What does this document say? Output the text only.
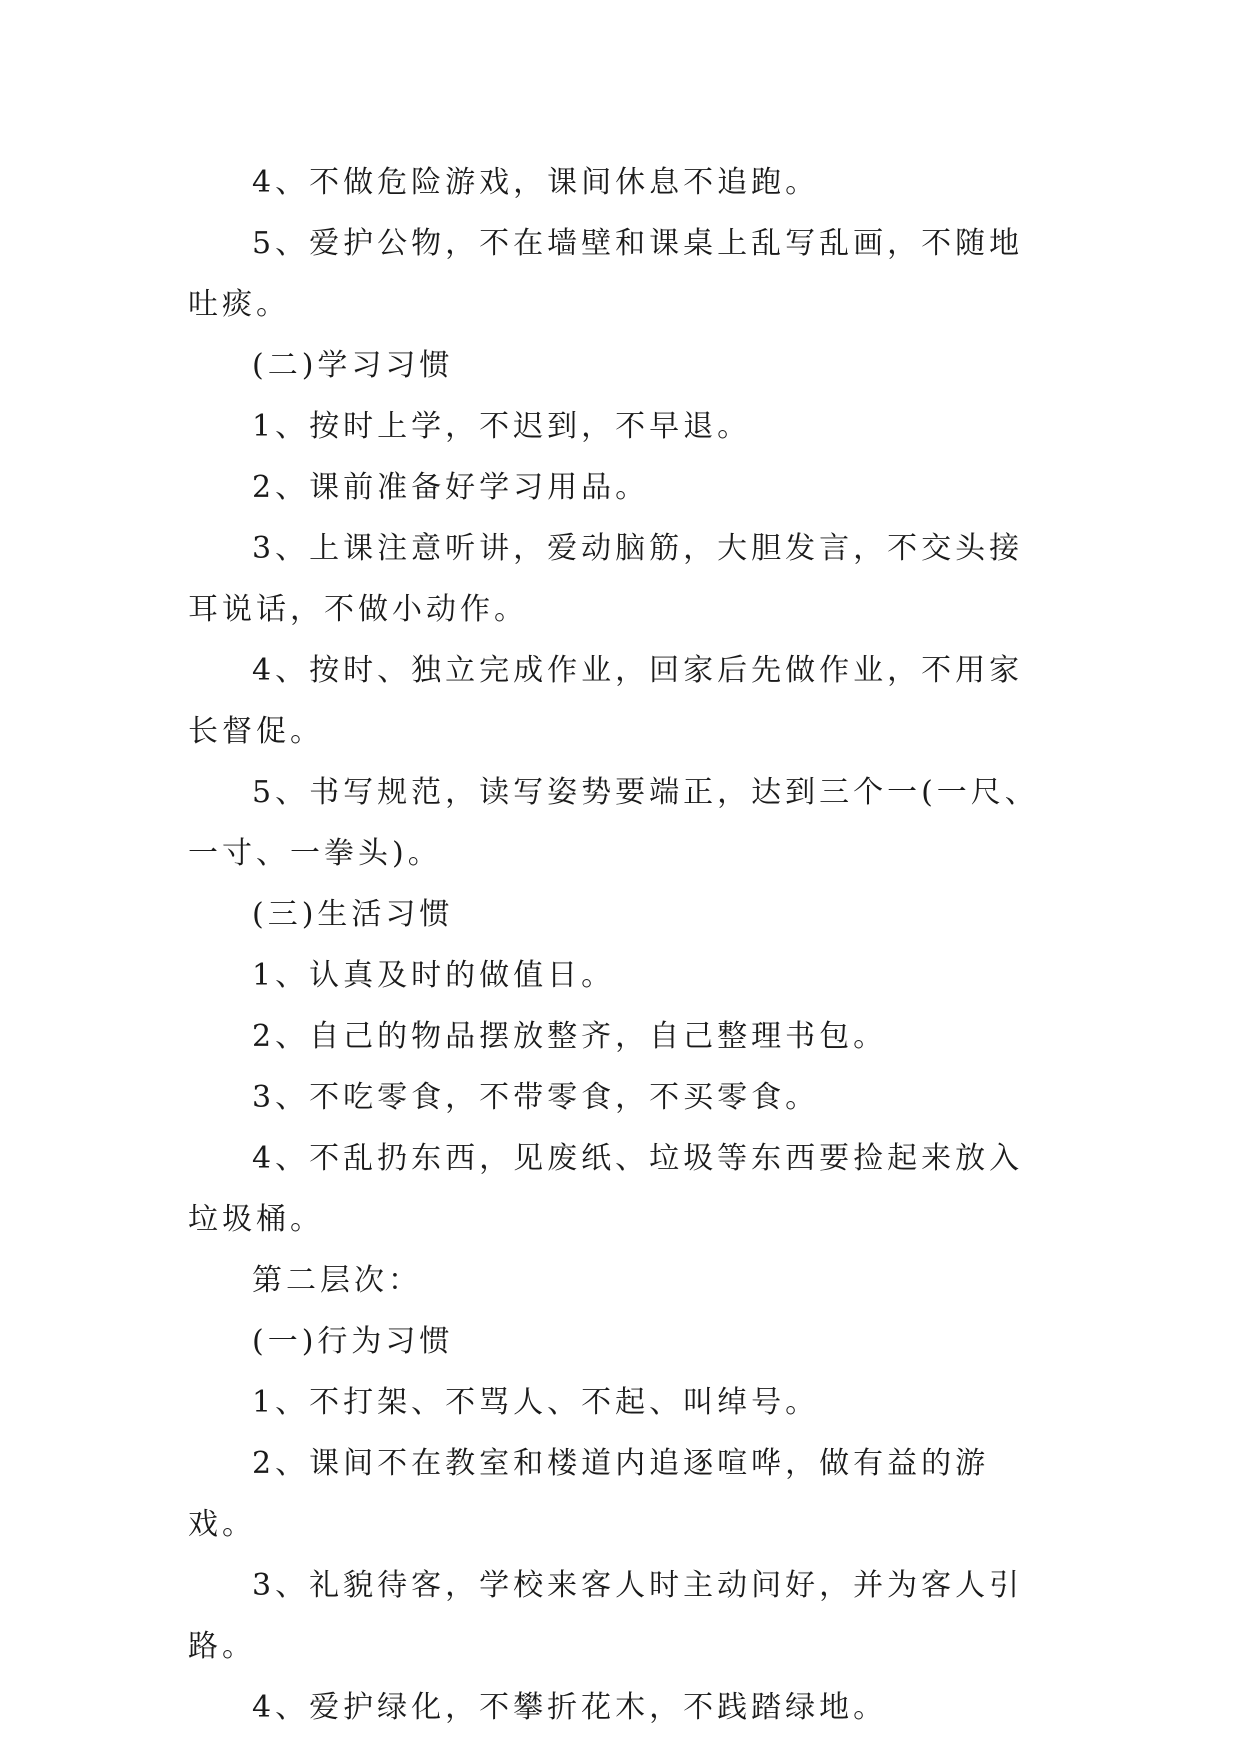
4、不做危险游戏，课间休息不追跑。

5、爱护公物，不在墙壁和课桌上乱写乱画，不随地吐痰。

(二)学习习惯

1、按时上学，不迟到，不早退。

2、课前准备好学习用品。

3、上课注意听讲，爱动脑筋，大胆发言，不交头接耳说话，不做小动作。

4、按时、独立完成作业，回家后先做作业，不用家长督促。

5、书写规范，读写姿势要端正，达到三个一(一尺、一寸、一拳头)。

(三)生活习惯

1、认真及时的做值日。

2、自己的物品摆放整齐，自己整理书包。

3、不吃零食，不带零食，不买零食。

4、不乱扔东西，见废纸、垃圾等东西要捡起来放入垃圾桶。

第二层次：

(一)行为习惯

1、不打架、不骂人、不起、叫绰号。

2、课间不在教室和楼道内追逐喧哗，做有益的游戏。

3、礼貌待客，学校来客人时主动问好，并为客人引路。

4、爱护绿化，不攀折花木，不践踏绿地。
